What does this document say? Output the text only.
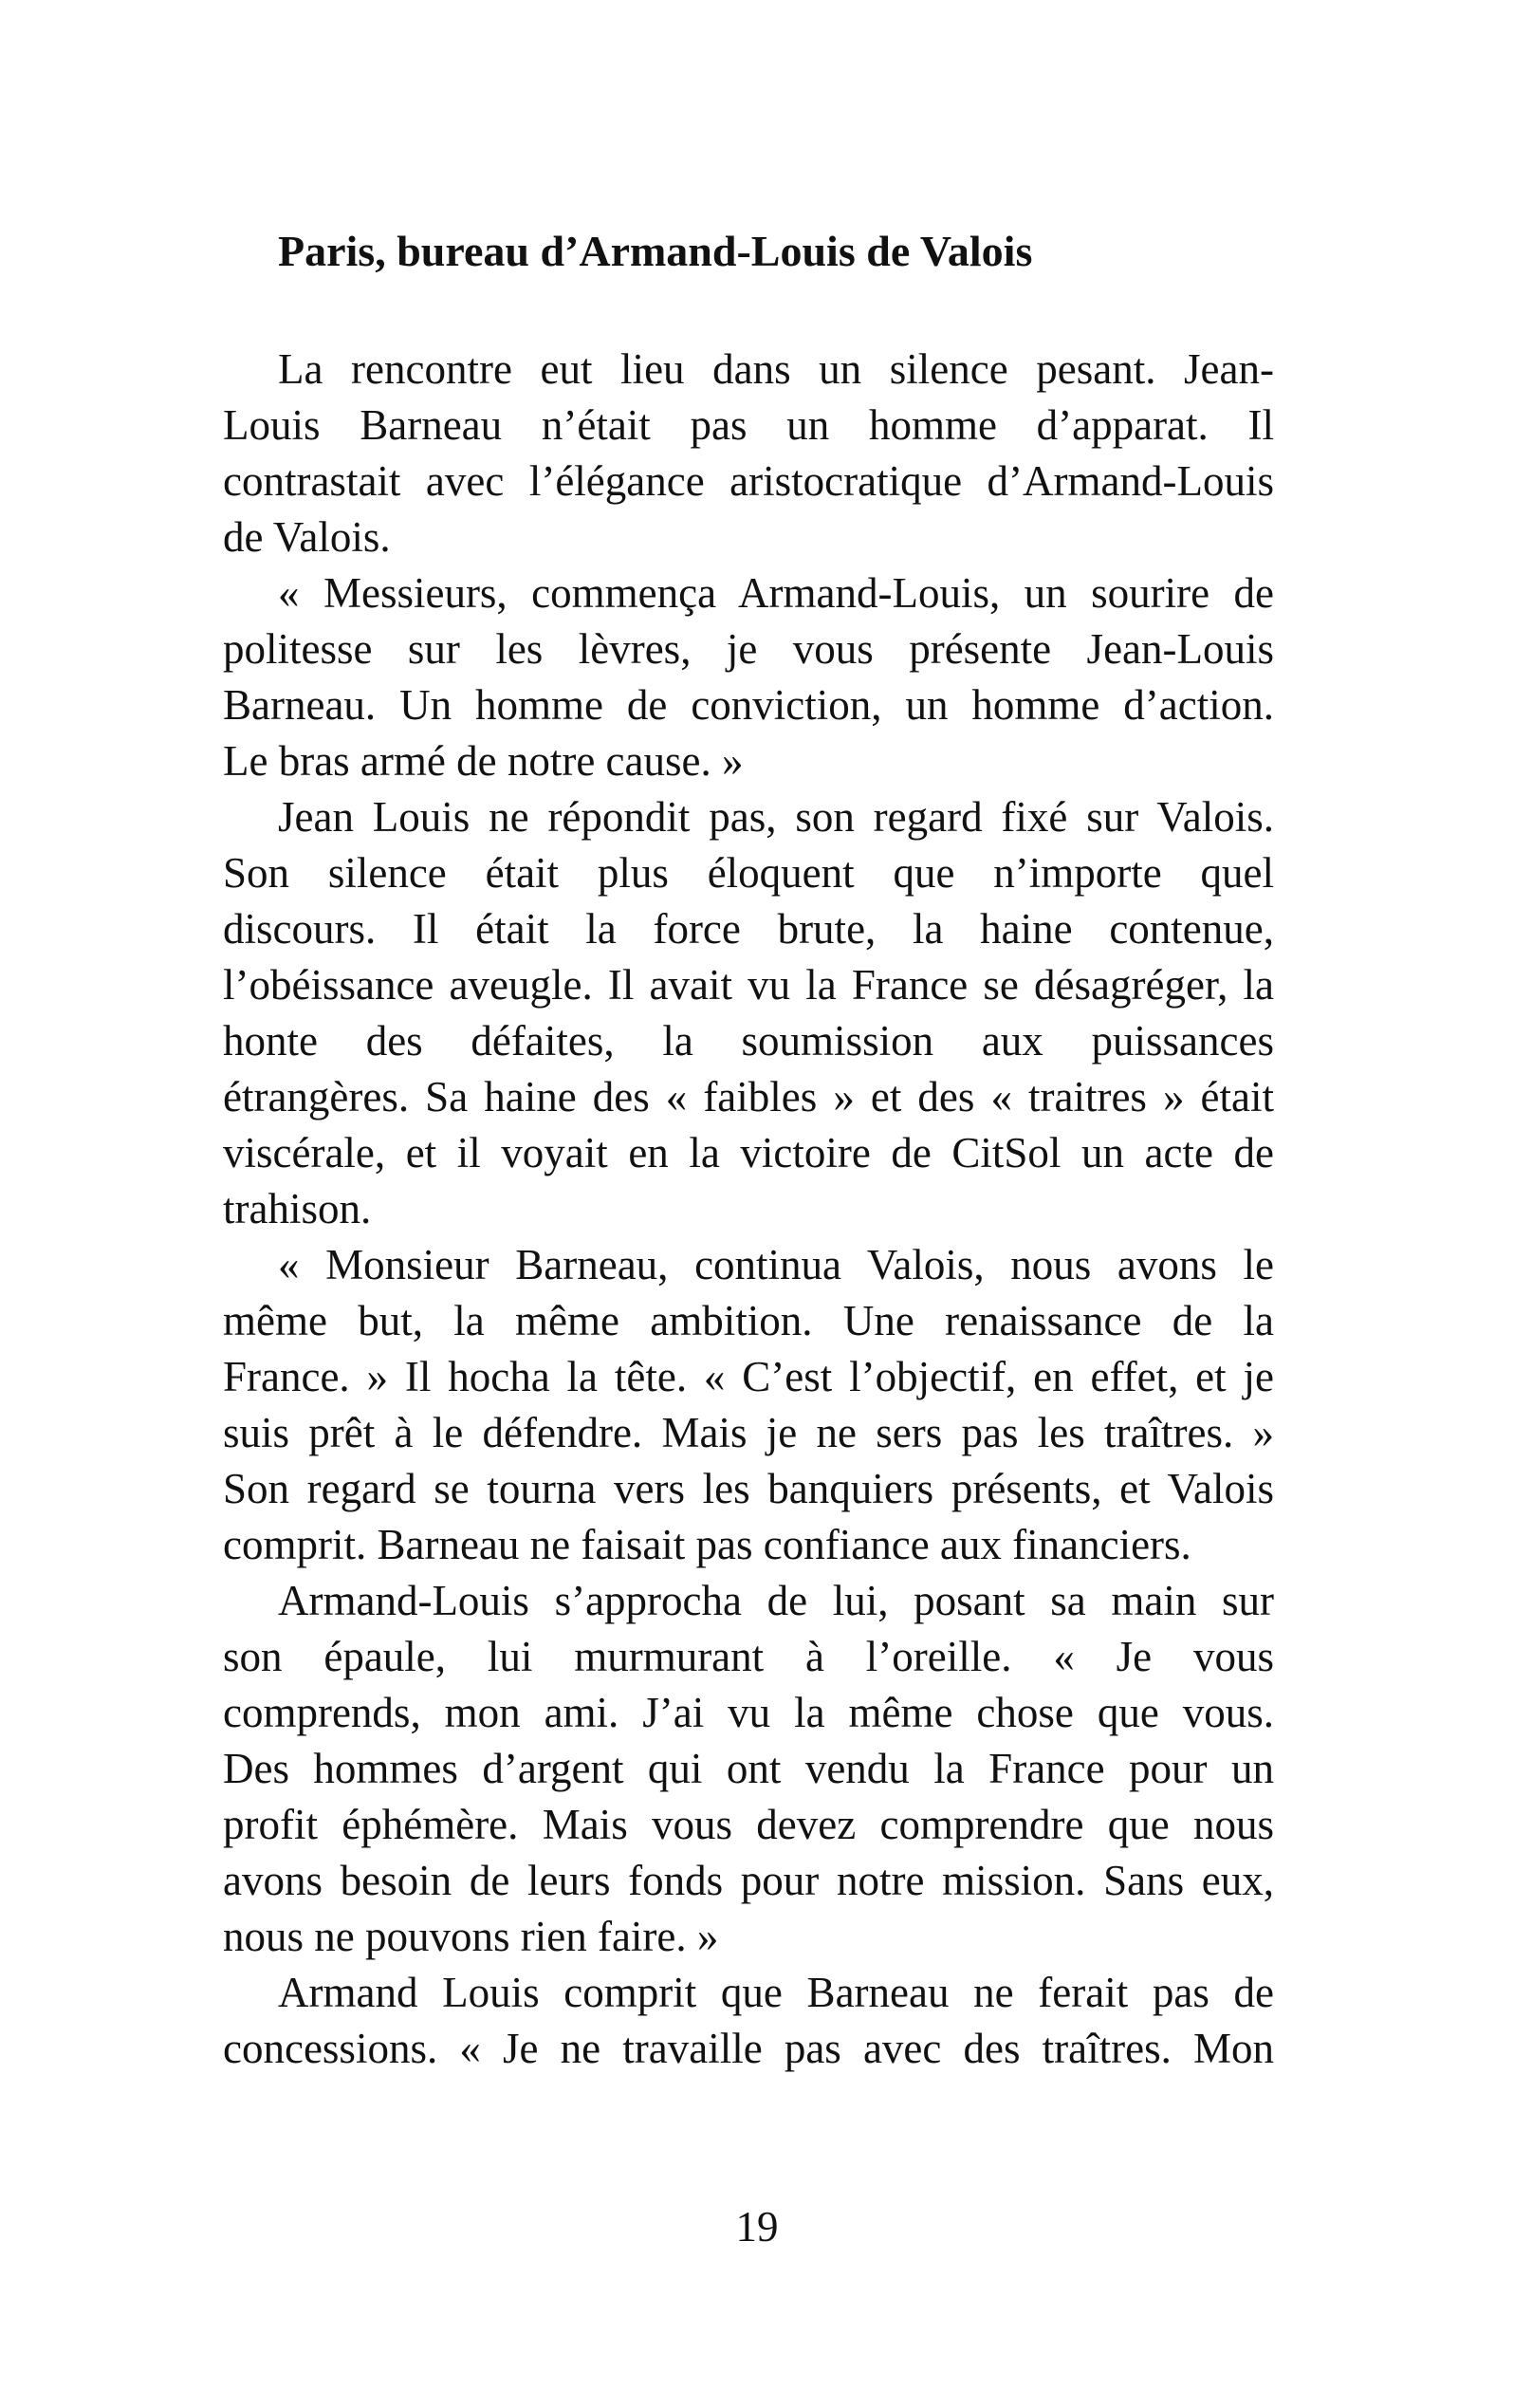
Paris, bureau d’Armand-Louis de Valois
La rencontre eut lieu dans un silence pesant. Jean-
Louis Barneau n’était pas un homme d’apparat. Il
contrastait avec l’élégance aristocratique d’Armand-Louis
de Valois.
« Messieurs, commença Armand-Louis, un sourire de
politesse sur les lèvres, je vous présente Jean-Louis
Barneau. Un homme de conviction, un homme d’action.
Le bras armé de notre cause. »
Jean Louis ne répondit pas, son regard fixé sur Valois.
Son silence était plus éloquent que n’importe quel
discours. Il était la force brute, la haine contenue,
l’obéissance aveugle. Il avait vu la France se désagréger, la
honte des défaites, la soumission aux puissances
étrangères. Sa haine des « faibles » et des « traitres » était
viscérale, et il voyait en la victoire de CitSol un acte de
trahison.
« Monsieur Barneau, continua Valois, nous avons le
même but, la même ambition. Une renaissance de la
France. » Il hocha la tête. « C’est l’objectif, en effet, et je
suis prêt à le défendre. Mais je ne sers pas les traîtres. »
Son regard se tourna vers les banquiers présents, et Valois
comprit. Barneau ne faisait pas confiance aux financiers.
Armand-Louis s’approcha de lui, posant sa main sur
son épaule, lui murmurant à l’oreille. « Je vous
comprends, mon ami. J’ai vu la même chose que vous.
Des hommes d’argent qui ont vendu la France pour un
profit éphémère. Mais vous devez comprendre que nous
avons besoin de leurs fonds pour notre mission. Sans eux,
nous ne pouvons rien faire. »
Armand Louis comprit que Barneau ne ferait pas de
concessions. « Je ne travaille pas avec des traîtres. Mon
19
